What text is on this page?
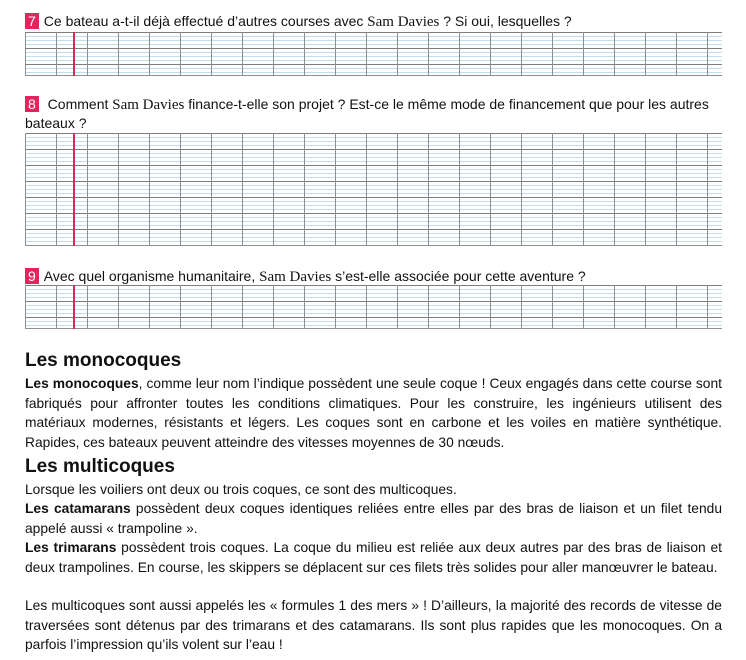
7 Ce bateau a-t-il déjà effectué d’autres courses avec Sam Davies ? Si oui, lesquelles ?
8 Comment Sam Davies finance-t-elle son projet ? Est-ce le même mode de financement que pour les autres bateaux ?
9 Avec quel organisme humanitaire, Sam Davies s’est-elle associée pour cette aventure ?
Les monocoques

Les monocoques, comme leur nom l’indique possèdent une seule coque ! Ceux engagés dans cette course sont fabriqués pour affronter toutes les conditions climatiques. Pour les construire, les ingénieurs utilisent des matériaux modernes, résistants et légers. Les coques sont en carbone et les voiles en matière synthétique. Rapides, ces bateaux peuvent atteindre des vitesses moyennes de 30 nœuds.

Les multicoques

Lorsque les voiliers ont deux ou trois coques, ce sont des multicoques.

Les catamarans possèdent deux coques identiques reliées entre elles par des bras de liaison et un filet tendu appelé aussi « trampoline ».

Les trimarans possèdent trois coques. La coque du milieu est reliée aux deux autres par des bras de liaison et deux trampolines. En course, les skippers se déplacent sur ces filets très solides pour aller manœuvrer le bateau.

Les multicoques sont aussi appelés les « formules 1 des mers » ! D’ailleurs, la majorité des records de vitesse de traversées sont détenus par des trimarans et des catamarans. Ils sont plus rapides que les monocoques. On a parfois l’impression qu’ils volent sur l’eau !
